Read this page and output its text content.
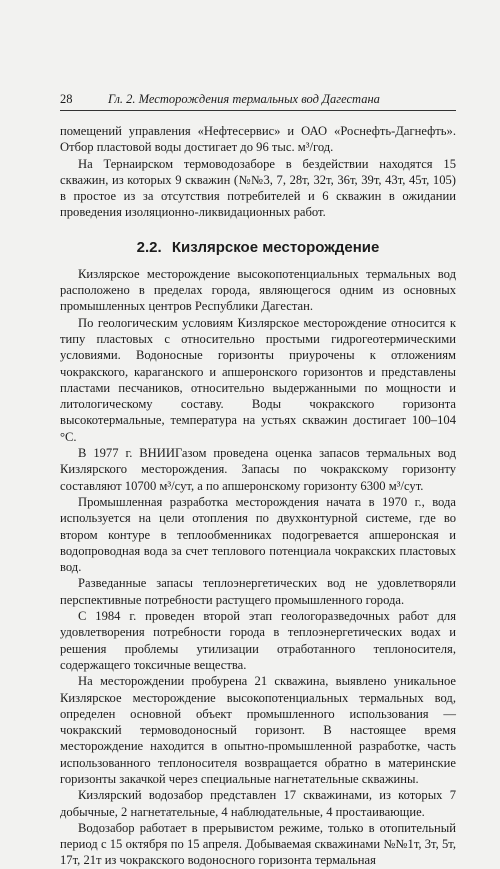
28	Гл. 2. Месторождения термальных вод Дагестана

помещений управления «Нефтесервис» и ОАО «Роснефть-Дагнефть». Отбор пластовой воды достигает до 96 тыс. м³/год.

На Тернаирском термоводозаборе в бездействии находятся 15 скважин, из которых 9 скважин (№№3, 7, 28т, 32т, 36т, 39т, 43т, 45т, 105) в простое из за отсутствия потребителей и 6 скважин в ожидании проведения изоляционно-ликвидационных работ.

2.2. Кизлярское месторождение

Кизлярское месторождение высокопотенциальных термальных вод расположено в пределах города, являющегося одним из основных промышленных центров Республики Дагестан.

По геологическим условиям Кизлярское месторождение относится к типу пластовых с относительно простыми гидрогеотермическими условиями. Водоносные горизонты приурочены к отложениям чокракского, караганского и апшеронского горизонтов и представлены пластами песчаников, относительно выдержанными по мощности и литологическому составу. Воды чокракского горизонта высокотермальные, температура на устьях скважин достигает 100–104 °С.

В 1977 г. ВНИИГазом проведена оценка запасов термальных вод Кизлярского месторождения. Запасы по чокракскому горизонту составляют 10700 м³/сут, а по апшеронскому горизонту 6300 м³/сут.

Промышленная разработка месторождения начата в 1970 г., вода используется на цели отопления по двухконтурной системе, где во втором контуре в теплообменниках подогревается апшеронская и водопроводная вода за счет теплового потенциала чокракских пластовых вод.

Разведанные запасы теплоэнергетических вод не удовлетворяли перспективные потребности растущего промышленного города.

С 1984 г. проведен второй этап геологоразведочных работ для удовлетворения потребности города в теплоэнергетических водах и решения проблемы утилизации отработанного теплоносителя, содержащего токсичные вещества.

На месторождении пробурена 21 скважина, выявлено уникальное Кизлярское месторождение высокопотенциальных термальных вод, определен основной объект промышленного использования — чокракский термоводоносный горизонт. В настоящее время месторождение находится в опытно-промышленной разработке, часть использованного теплоносителя возвращается обратно в материнские горизонты закачкой через специальные нагнетательные скважины.

Кизлярский водозабор представлен 17 скважинами, из которых 7 добычные, 2 нагнетательные, 4 наблюдательные, 4 простаивающие.

Водозабор работает в прерывистом режиме, только в отопительный период с 15 октября по 15 апреля. Добываемая скважинами №№1т, 3т, 5т, 17т, 21т из чокракского водоносного горизонта термальная
